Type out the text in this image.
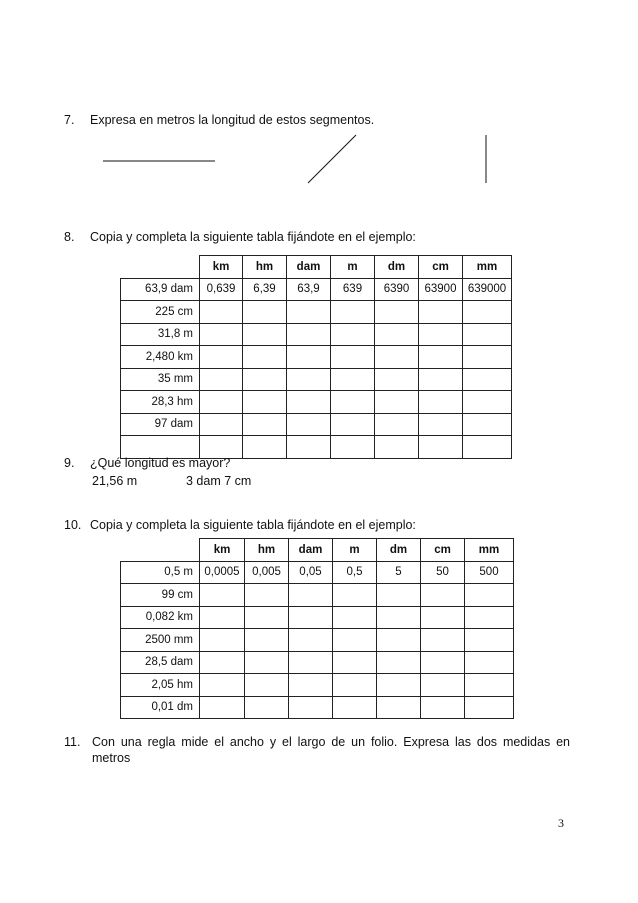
7. Expresa en metros la longitud de estos segmentos.
8. Copia y completa la siguiente tabla fijándote en el ejemplo:
	km	hm	dam	m	dm	cm	mm
63,9 dam	0,639	6,39	63,9	639	6390	63900	639000
225 cm							
31,8 m							
2,480 km							
35 mm							
28,3 hm							
97 dam							

9. ¿Qué longitud es mayor?
21,56 m	3 dam 7 cm
10. Copia y completa la siguiente tabla fijándote en el ejemplo:
	km	hm	dam	m	dm	cm	mm
0,5 m	0,0005	0,005	0,05	0,5	5	50	500
99 cm							
0,082 km							
2500 mm							
28,5 dam							
2,05 hm							
0,01 dm							
11. Con una regla mide el ancho y el largo de un folio. Expresa las dos medidas en metros
3
